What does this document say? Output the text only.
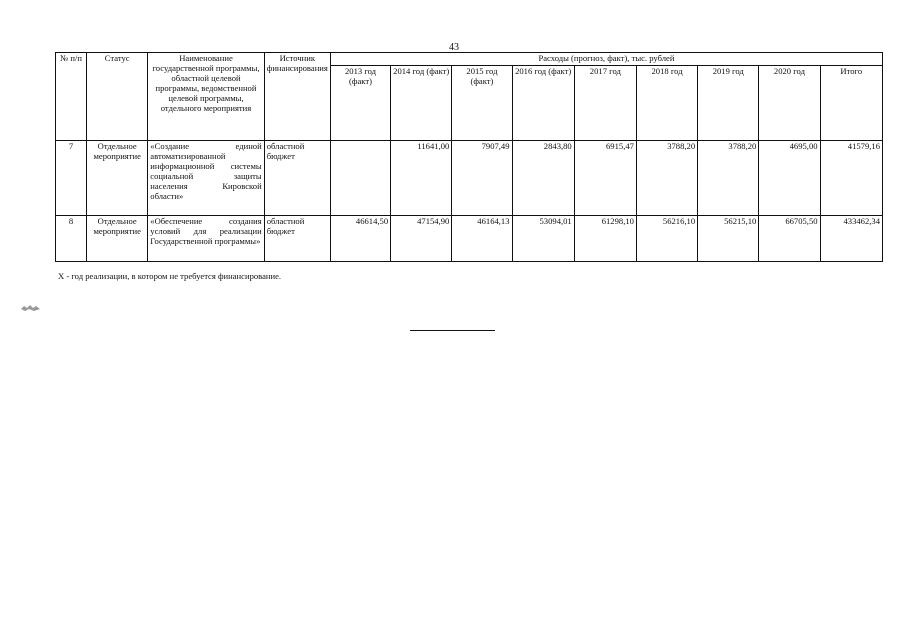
43
№ п/п	Статус	Наименование государственной программы, областной целевой программы, ведомственной целевой программы, отдельного мероприятия	Источник финансирования	Расходы (прогноз, факт), тыс. рублей								
				2013 год (факт)	2014 год (факт)	2015 год (факт)	2016 год (факт)	2017 год	2018 год	2019 год	2020 год	Итого
7	Отдельное мероприятие	«Создание единой автоматизированной информационной системы социальной защиты населения Кировской области»	областной бюджет		11641,00	7907,49	2843,80	6915,47	3788,20	3788,20	4695,00	41579,16
8	Отдельное мероприятие	«Обеспечение создания условий для реализации Государственной программы»	областной бюджет	46614,50	47154,90	46164,13	53094,01	61298,10	56216,10	56215,10	66705,50	433462,34
Х - год реализации, в котором не требуется финансирование.
